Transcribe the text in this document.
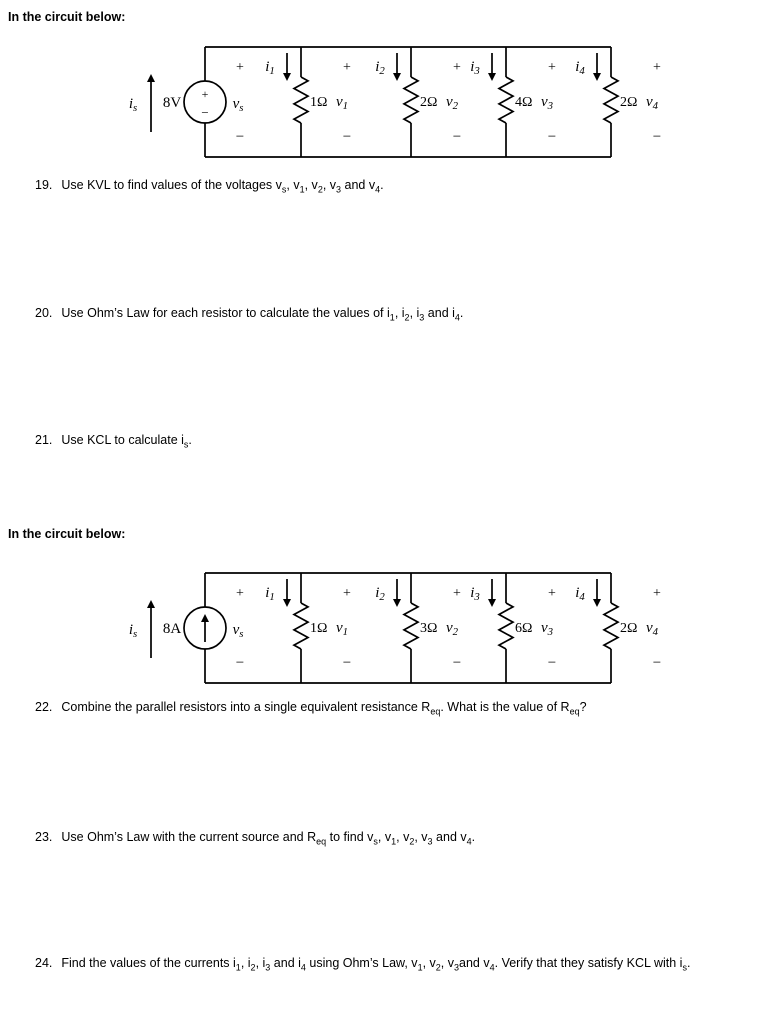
In the circuit below:
+
−
$i_s$ 8V
+
$v_s$
−
$i_1$
1Ω $v_1$
+
−
$i_2$
2Ω $v_2$
+
−
$i_3$
4Ω $v_3$
+
−
$i_4$
2Ω $v_4$
+
−
19. Use KVL to find values of the voltages $v_s$, $v_1$, $v_2$, $v_3$ and $v_4$.
20. Use Ohm’s Law for each resistor to calculate the values of $i_1$, $i_2$, $i_3$ and $i_4$.
21. Use KCL to calculate $i_s$.
In the circuit below:
$i_s$ 8A
+
$v_s$
−
$i_1$
1Ω $v_1$
+
−
$i_2$
3Ω $v_2$
+
−
$i_3$
6Ω $v_3$
+
−
$i_4$
2Ω $v_4$
+
−
22. Combine the parallel resistors into a single equivalent resistance $R_{eq}$. What is the value of $R_{eq}$?
23. Use Ohm’s Law with the current source and $R_{eq}$ to find $v_s$, $v_1$, $v_2$, $v_3$ and $v_4$.
24. Find the values of the currents $i_1$, $i_2$, $i_3$ and $i_4$ using Ohm’s Law, $v_1$, $v_2$, $v_3and$ $v_4$. Verify that they satisfy KCL with $i_s$.
